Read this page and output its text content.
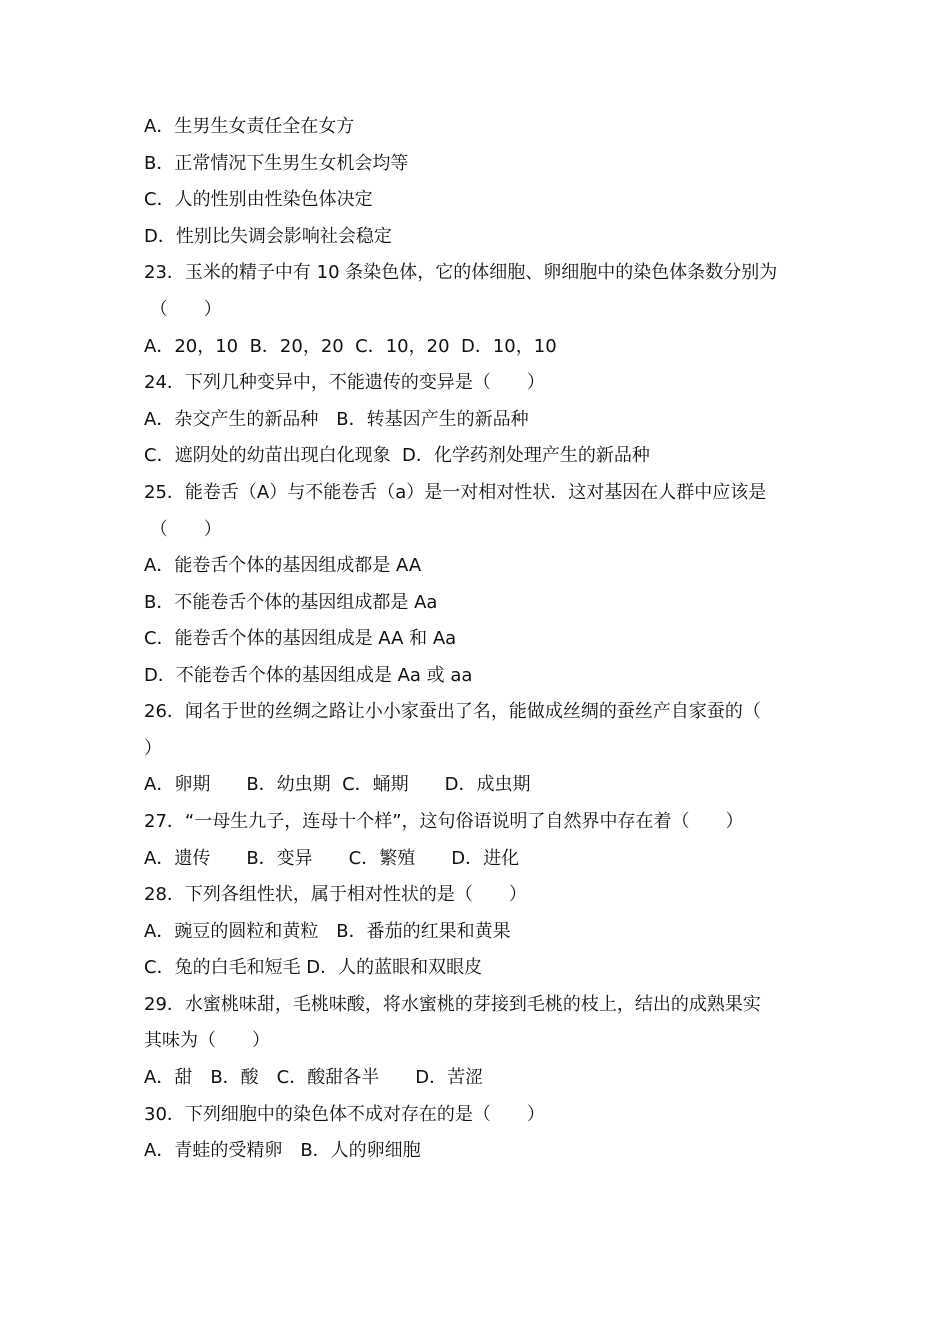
A．生男生女责任全在女方
B．正常情况下生男生女机会均等
C．人的性别由性染色体决定
D．性别比失调会影响社会稳定
23．玉米的精子中有 10 条染色体，它的体细胞、卵细胞中的染色体条数分别为
（　　）
A．20，10  B．20，20  C．10，20  D．10，10
24．下列几种变异中，不能遗传的变异是（　　）
A．杂交产生的新品种　B．转基因产生的新品种
C．遮阴处的幼苗出现白化现象  D．化学药剂处理产生的新品种
25．能卷舌（A）与不能卷舌（a）是一对相对性状．这对基因在人群中应该是
（　　）
A．能卷舌个体的基因组成都是 AA
B．不能卷舌个体的基因组成都是 Aa
C．能卷舌个体的基因组成是 AA 和 Aa
D．不能卷舌个体的基因组成是 Aa 或 aa
26．闻名于世的丝绸之路让小小家蚕出了名，能做成丝绸的蚕丝产自家蚕的（
）
A．卵期　　B．幼虫期  C．蛹期　　D．成虫期
27．“一母生九子，连母十个样”，这句俗语说明了自然界中存在着（　　）
A．遗传　　B．变异　　C．繁殖　　D．进化
28．下列各组性状，属于相对性状的是（　　）
A．豌豆的圆粒和黄粒　B．番茄的红果和黄果
C．兔的白毛和短毛 D．人的蓝眼和双眼皮
29．水蜜桃味甜，毛桃味酸，将水蜜桃的芽接到毛桃的枝上，结出的成熟果实
其味为（　　）
A．甜　B．酸　C．酸甜各半　　D．苦涩
30．下列细胞中的染色体不成对存在的是（　　）
A．青蛙的受精卵　B．人的卵细胞
